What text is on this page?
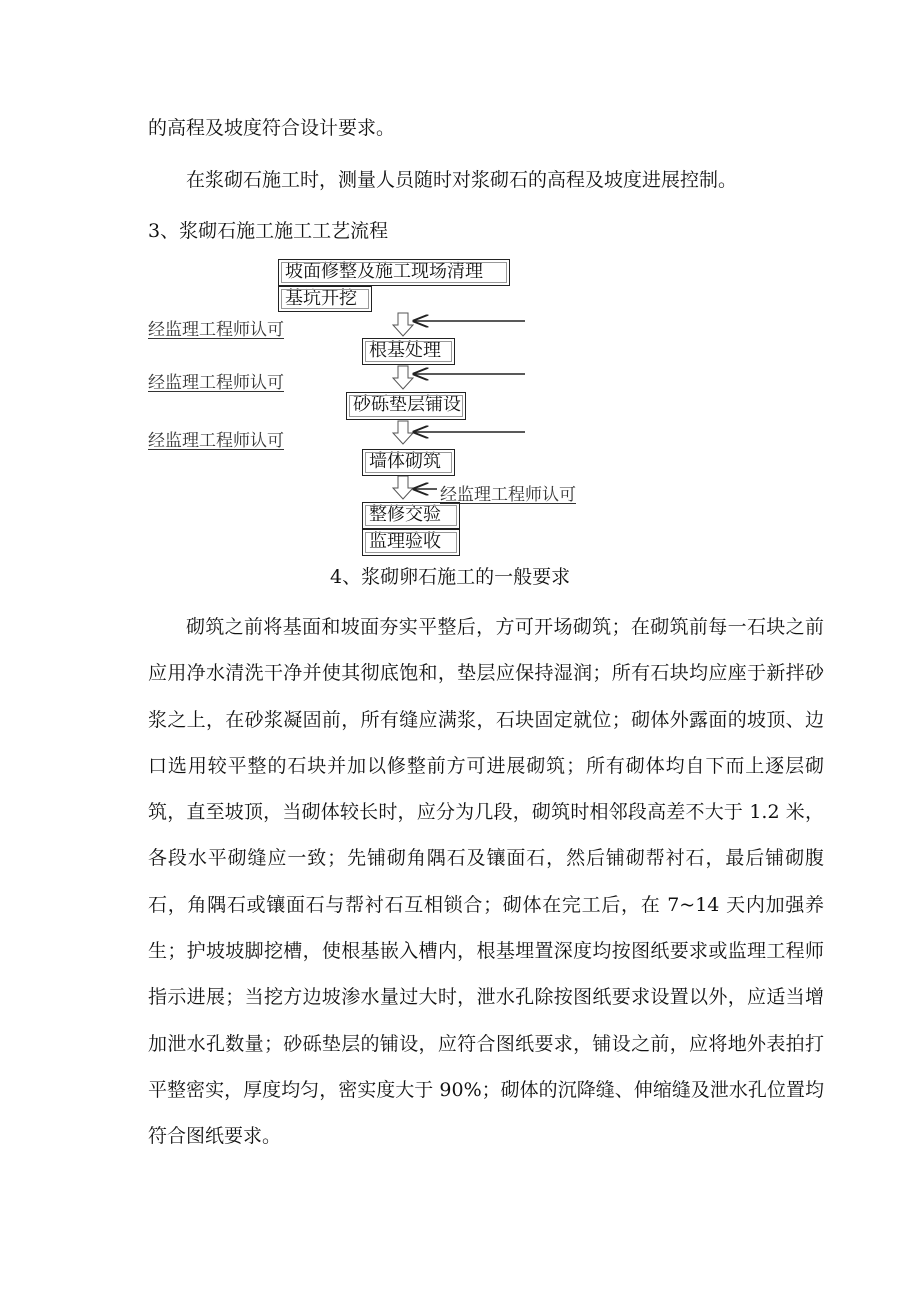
的高程及坡度符合设计要求。
在浆砌石施工时，测量人员随时对浆砌石的高程及坡度进展控制。
3、浆砌石施工施工工艺流程
坡面修整及施工现场清理
基坑开挖
根基处理
砂砾垫层铺设
墙体砌筑
整修交验
监理验收
经监理工程师认可
经监理工程师认可
经监理工程师认可
经监理工程师认可
4、浆砌卵石施工的一般要求
砌筑之前将基面和坡面夯实平整后，方可开场砌筑；在砌筑前每一石块之前应用净水清洗干净并使其彻底饱和，垫层应保持湿润；所有石块均应座于新拌砂浆之上，在砂浆凝固前，所有缝应满浆，石块固定就位；砌体外露面的坡顶、边口选用较平整的石块并加以修整前方可进展砌筑；所有砌体均自下而上逐层砌筑，直至坡顶，当砌体较长时，应分为几段，砌筑时相邻段高差不大于 1.2 米，各段水平砌缝应一致；先铺砌角隅石及镶面石，然后铺砌帮衬石，最后铺砌腹石，角隅石或镶面石与帮衬石互相锁合；砌体在完工后，在 7~14 天内加强养生；护坡坡脚挖槽，使根基嵌入槽内，根基埋置深度均按图纸要求或监理工程师指示进展；当挖方边坡渗水量过大时，泄水孔除按图纸要求设置以外，应适当增加泄水孔数量；砂砾垫层的铺设，应符合图纸要求，铺设之前，应将地外表拍打平整密实，厚度均匀，密实度大于 90%；砌体的沉降缝、伸缩缝及泄水孔位置均符合图纸要求。
